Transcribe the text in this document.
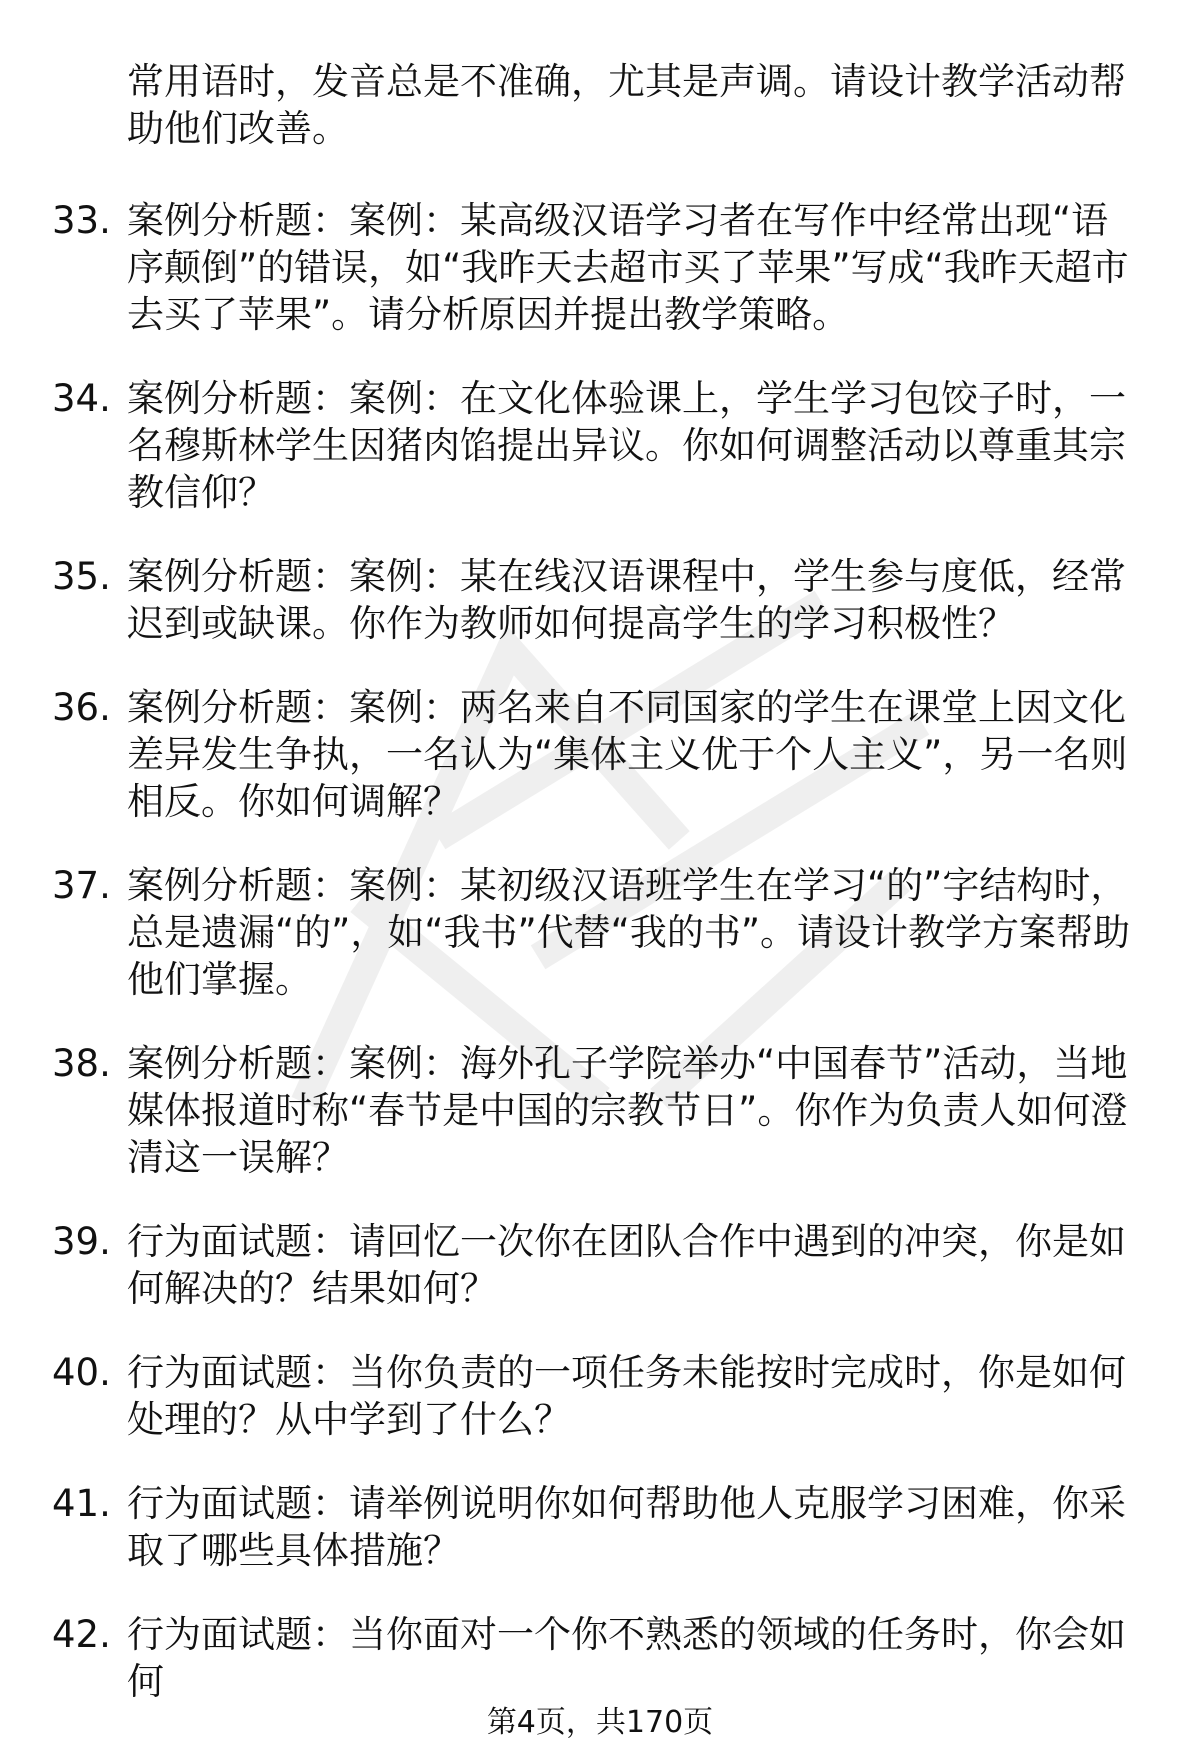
常用语时，发音总是不准确，尤其是声调。请设计教学活动帮助他们改善。
33. 案例分析题：案例：某高级汉语学习者在写作中经常出现“语序颠倒”的错误，如“我昨天去超市买了苹果”写成“我昨天超市去买了苹果”。请分析原因并提出教学策略。
34. 案例分析题：案例：在文化体验课上，学生学习包饺子时，一名穆斯林学生因猪肉馅提出异议。你如何调整活动以尊重其宗教信仰？
35. 案例分析题：案例：某在线汉语课程中，学生参与度低，经常迟到或缺课。你作为教师如何提高学生的学习积极性？
36. 案例分析题：案例：两名来自不同国家的学生在课堂上因文化差异发生争执，一名认为“集体主义优于个人主义”，另一名则相反。你如何调解？
37. 案例分析题：案例：某初级汉语班学生在学习“的”字结构时，总是遗漏“的”，如“我书”代替“我的书”。请设计教学方案帮助他们掌握。
38. 案例分析题：案例：海外孔子学院举办“中国春节”活动，当地媒体报道时称“春节是中国的宗教节日”。你作为负责人如何澄清这一误解？
39. 行为面试题：请回忆一次你在团队合作中遇到的冲突，你是如何解决的？结果如何？
40. 行为面试题：当你负责的一项任务未能按时完成时，你是如何处理的？从中学到了什么？
41. 行为面试题：请举例说明你如何帮助他人克服学习困难，你采取了哪些具体措施？
42. 行为面试题：当你面对一个你不熟悉的领域的任务时，你会如何
第4页，共170页
